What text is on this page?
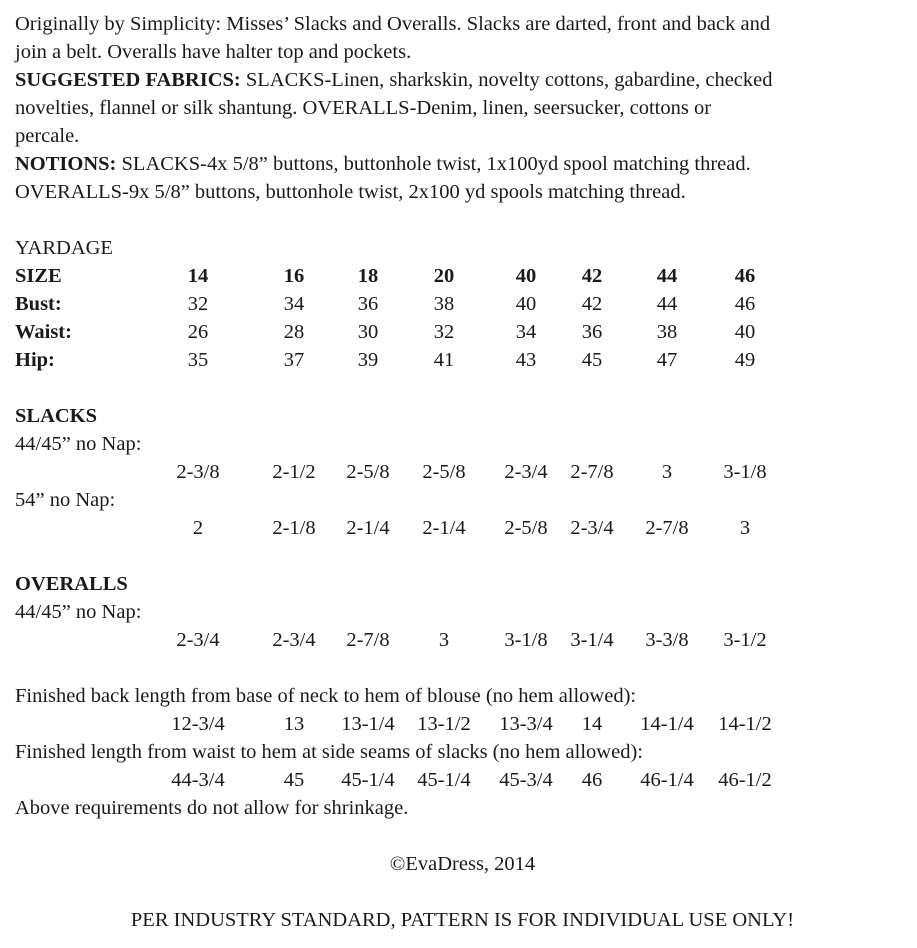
Originally by Simplicity: Misses’ Slacks and Overalls. Slacks are darted, front and back and
join a belt. Overalls have halter top and pockets.

SUGGESTED FABRICS: SLACKS-Linen, sharkskin, novelty cottons, gabardine, checked
novelties, flannel or silk shantung. OVERALLS-Denim, linen, seersucker, cottons or
percale.

NOTIONS: SLACKS-4x 5/8” buttons, buttonhole twist, 1x100yd spool matching thread.
OVERALLS-9x 5/8” buttons, buttonhole twist, 2x100 yd spools matching thread.

YARDAGE
SIZE	14	16	18	20	40	42	44	46
Bust:	32	34	36	38	40	42	44	46
Waist:	26	28	30	32	34	36	38	40
Hip:	35	37	39	41	43	45	47	49
SLACKS
44/45” no Nap:
2-3/8	2-1/2	2-5/8	2-5/8	2-3/4	2-7/8	3	3-1/8
54” no Nap:
2	2-1/8	2-1/4	2-1/4	2-5/8	2-3/4	2-7/8	3
OVERALLS
44/45” no Nap:
2-3/4	2-3/4	2-7/8	3	3-1/8	3-1/4	3-3/8	3-1/2
Finished back length from base of neck to hem of blouse (no hem allowed):
12-3/4	13	13-1/4	13-1/2	13-3/4	14	14-1/4	14-1/2
Finished length from waist to hem at side seams of slacks (no hem allowed):
44-3/4	45	45-1/4	45-1/4	45-3/4	46	46-1/4	46-1/2
Above requirements do not allow for shrinkage.
©EvaDress, 2014
PER INDUSTRY STANDARD, PATTERN IS FOR INDIVIDUAL USE ONLY!
